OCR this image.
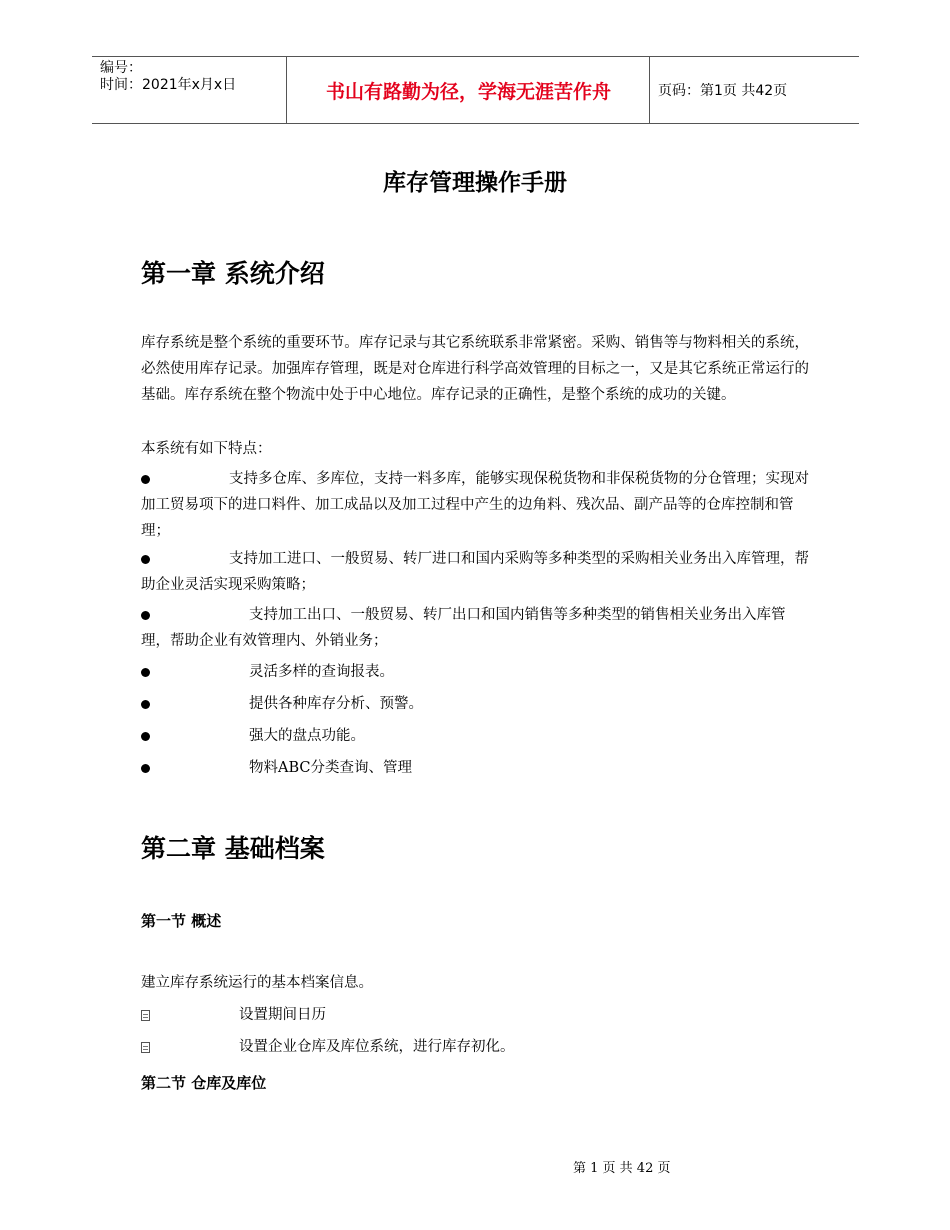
编号：
时间：2021年x月x日	书山有路勤为径，学海无涯苦作舟	页码：第1页 共42页
库存管理操作手册
第一章 系统介绍
库存系统是整个系统的重要环节。库存记录与其它系统联系非常紧密。采购、销售等与物料相关的系统，必然使用库存记录。加强库存管理，既是对仓库进行科学高效管理的目标之一，又是其它系统正常运行的基础。库存系统在整个物流中处于中心地位。库存记录的正确性，是整个系统的成功的关键。
本系统有如下特点：
支持多仓库、多库位，支持一料多库，能够实现保税货物和非保税货物的分仓管理；实现对加工贸易项下的进口料件、加工成品以及加工过程中产生的边角料、残次品、副产品等的仓库控制和管理；
支持加工进口、一般贸易、转厂进口和国内采购等多种类型的采购相关业务出入库管理，帮助企业灵活实现采购策略；
支持加工出口、一般贸易、转厂出口和国内销售等多种类型的销售相关业务出入库管理，帮助企业有效管理内、外销业务；
灵活多样的查询报表。
提供各种库存分析、预警。
强大的盘点功能。
物料ABC分类查询、管理
第二章 基础档案
第一节 概述
建立库存系统运行的基本档案信息。
设置期间日历
设置企业仓库及库位系统，进行库存初化。
第二节 仓库及库位
第 1 页 共 42 页
